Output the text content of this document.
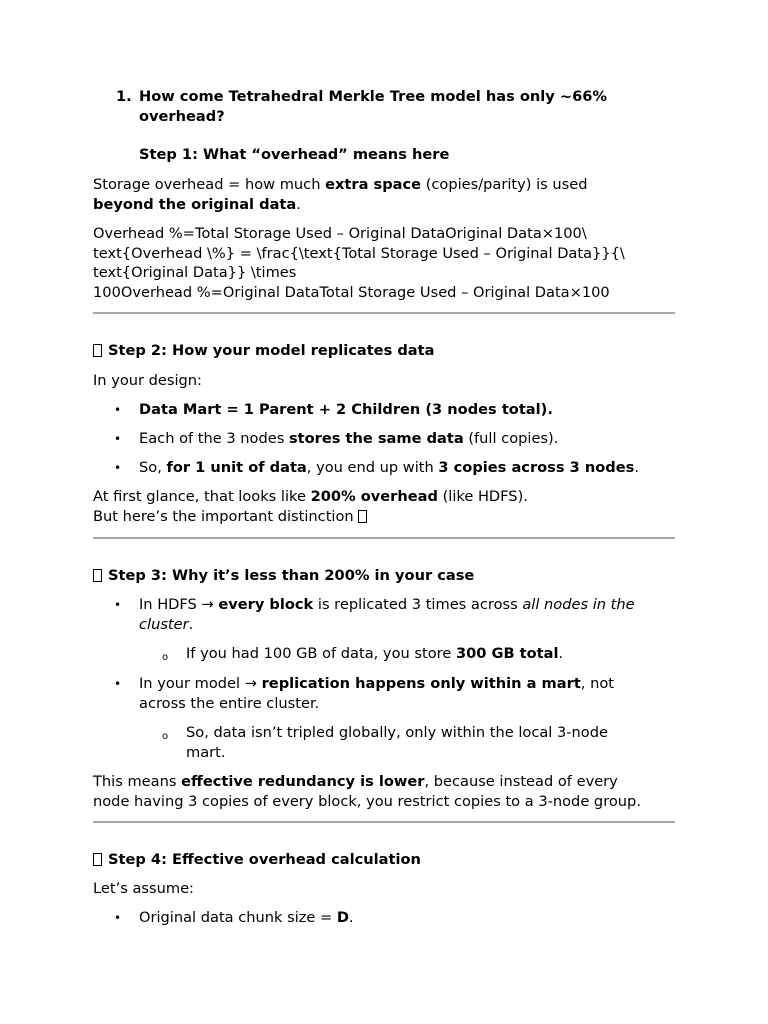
1. How come Tetrahedral Merkle Tree model has only ~66%

overhead?

Step 1: What “overhead” means here

Storage overhead = how much extra space (copies/parity) is used

beyond the original data.

Overhead %=Total Storage Used – Original DataOriginal Data×100\

text{Overhead \%} = \frac{\text{Total Storage Used – Original Data}}{\

text{Original Data}} \times

100Overhead %=Original DataTotal Storage Used – Original Data×100

Step 2: How your model replicates data

In your design:
• Data Mart = 1 Parent + 2 Children (3 nodes total).
• Each of the 3 nodes stores the same data (full copies).
• So, for 1 unit of data, you end up with 3 copies across 3 nodes.

At first glance, that looks like 200% overhead (like HDFS).

But here’s the important distinction

Step 3: Why it’s less than 200% in your case

• In HDFS → every block is replicated 3 times across all nodes in the

cluster.

o If you had 100 GB of data, you store 300 GB total.
• In your model → replication happens only within a mart, not

across the entire cluster.

o So, data isn’t tripled globally, only within the local 3-node

mart.

This means effective redundancy is lower, because instead of every

node having 3 copies of every block, you restrict copies to a 3-node group.

Step 4: Effective overhead calculation

Let’s assume:
• Original data chunk size = D.
